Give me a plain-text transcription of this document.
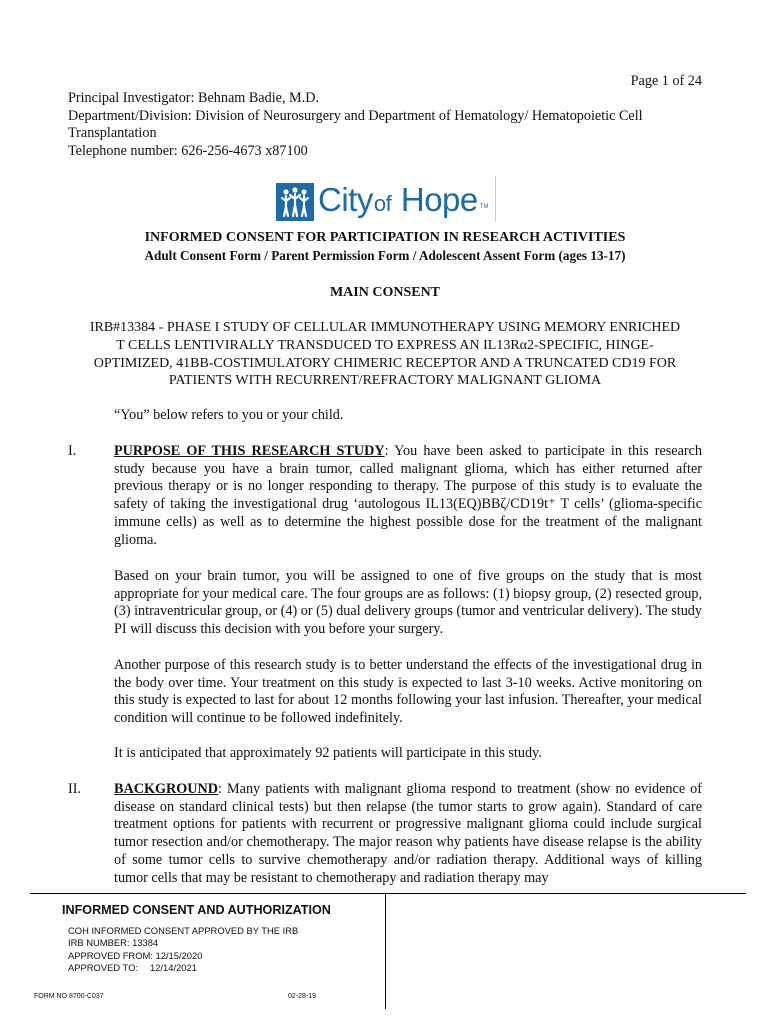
Page 1 of 24
Principal Investigator: Behnam Badie, M.D.
Department/Division: Division of Neurosurgery and Department of Hematology/ Hematopoietic Cell
Transplantation
Telephone number: 626-256-4673 x87100
Cityof Hope TM
INFORMED CONSENT FOR PARTICIPATION IN RESEARCH ACTIVITIES
Adult Consent Form / Parent Permission Form / Adolescent Assent Form (ages 13-17)
MAIN CONSENT
IRB#13384 - PHASE I STUDY OF CELLULAR IMMUNOTHERAPY USING MEMORY ENRICHED
T CELLS LENTIVIRALLY TRANSDUCED TO EXPRESS AN IL13Rα2-SPECIFIC, HINGE-
OPTIMIZED, 41BB-COSTIMULATORY CHIMERIC RECEPTOR AND A TRUNCATED CD19 FOR
PATIENTS WITH RECURRENT/REFRACTORY MALIGNANT GLIOMA
“You” below refers to you or your child.
I.	PURPOSE OF THIS RESEARCH STUDY: You have been asked to participate in this research study because you have a brain tumor, called malignant glioma, which has either returned after previous therapy or is no longer responding to therapy. The purpose of this study is to evaluate the safety of taking the investigational drug ‘autologous IL13(EQ)BBζ/CD19t⁺ T cells’ (glioma-specific immune cells) as well as to determine the highest possible dose for the treatment of the malignant glioma.
Based on your brain tumor, you will be assigned to one of five groups on the study that is most appropriate for your medical care. The four groups are as follows: (1) biopsy group, (2) resected group, (3) intraventricular group, or (4) or (5) dual delivery groups (tumor and ventricular delivery). The study PI will discuss this decision with you before your surgery.
Another purpose of this research study is to better understand the effects of the investigational drug in the body over time. Your treatment on this study is expected to last 3-10 weeks. Active monitoring on this study is expected to last for about 12 months following your last infusion. Thereafter, your medical condition will continue to be followed indefinitely.
It is anticipated that approximately 92 patients will participate in this study.
II. BACKGROUND: Many patients with malignant glioma respond to treatment (show no evidence of disease on standard clinical tests) but then relapse (the tumor starts to grow again). Standard of care treatment options for patients with recurrent or progressive malignant glioma could include surgical tumor resection and/or chemotherapy. The major reason why patients have disease relapse is the ability of some tumor cells to survive chemotherapy and/or radiation therapy. Additional ways of killing tumor cells that may be resistant to chemotherapy and radiation therapy may
INFORMED CONSENT AND AUTHORIZATION
COH INFORMED CONSENT APPROVED BY THE IRB
IRB NUMBER: 13384
APPROVED FROM: 12/15/2020
APPROVED TO: 12/14/2021
FORM NO 8700-C037	02-28-19
